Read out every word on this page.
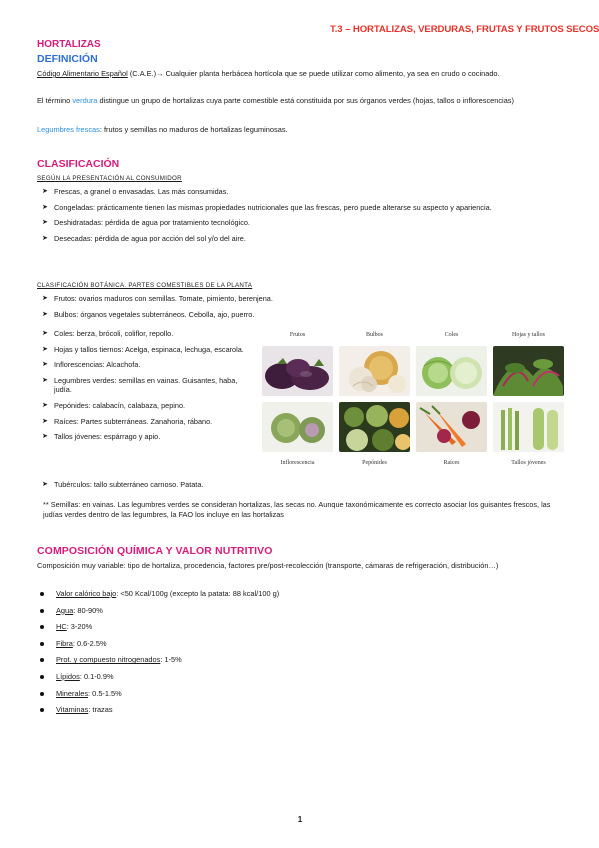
T.3 – HORTALIZAS, VERDURAS, FRUTAS Y FRUTOS SECOS
HORTALIZAS
DEFINICIÓN
Código Alimentario Español (C.A.E.)→ Cualquier planta herbácea hortícola que se puede utilizar como alimento, ya sea en crudo o cocinado.
El término verdura distingue un grupo de hortalizas cuya parte comestible está constituida por sus órganos verdes (hojas, tallos o inflorescencias)
Legumbres frescas: frutos y semillas no maduros de hortalizas leguminosas.
CLASIFICACIÓN
SEGÚN LA PRESENTACIÓN AL CONSUMIDOR
➤ Frescas, a granel o envasadas. Las más consumidas.
➤ Congeladas: prácticamente tienen las mismas propiedades nutricionales que las frescas, pero puede alterarse su aspecto y apariencia.
➤ Deshidratadas: pérdida de agua por tratamiento tecnológico.
➤ Desecadas: pérdida de agua por acción del sol y/o del aire.
CLASIFICACIÓN BOTÁNICA. PARTES COMESTIBLES DE LA PLANTA
➤ Frutos: ovarios maduros con semillas. Tomate, pimiento, berenjena.
➤ Bulbos: órganos vegetales subterráneos. Cebolla, ajo, puerro.
➤ Coles: berza, brócoli, coliflor, repollo.
➤ Hojas y tallos tiernos: Acelga, espinaca, lechuga, escarola.
➤ Inflorescencias: Alcachofa.
➤ Legumbres verdes: semillas en vainas. Guisantes, haba, judía.
➤ Pepónides: calabacín, calabaza, pepino.
➤ Raíces: Partes subterráneas. Zanahoria, rábano.
➤ Tallos jóvenes: espárrago y apio.
➤ Tubérculos: tallo subterráneo carnoso. Patata.
Frutos	Bulbos	Coles	Hojas y tallos
Inflorescencia	Pepónides	Raíces	Tallos jóvenes
** Semillas: en vainas. Las legumbres verdes se consideran hortalizas, las secas no. Aunque taxonómicamente es correcto asociar los guisantes frescos, las judías verdes dentro de las legumbres, la FAO los incluye en las hortalizas
COMPOSICIÓN QUÍMICA Y VALOR NUTRITIVO
Composición muy variable: tipo de hortaliza, procedencia, factores pre/post-recolección (transporte, cámaras de refrigeración, distribución…)
Valor calórico bajo: <50 Kcal/100g (excepto la patata: 88 kcal/100 g)
Agua: 80-90%
HC: 3-20%
Fibra: 0.6-2.5%
Prot. y compuesto nitrogenados: 1-5%
Lípidos: 0.1-0.9%
Minerales: 0.5-1.5%
Vitaminas: trazas
1
